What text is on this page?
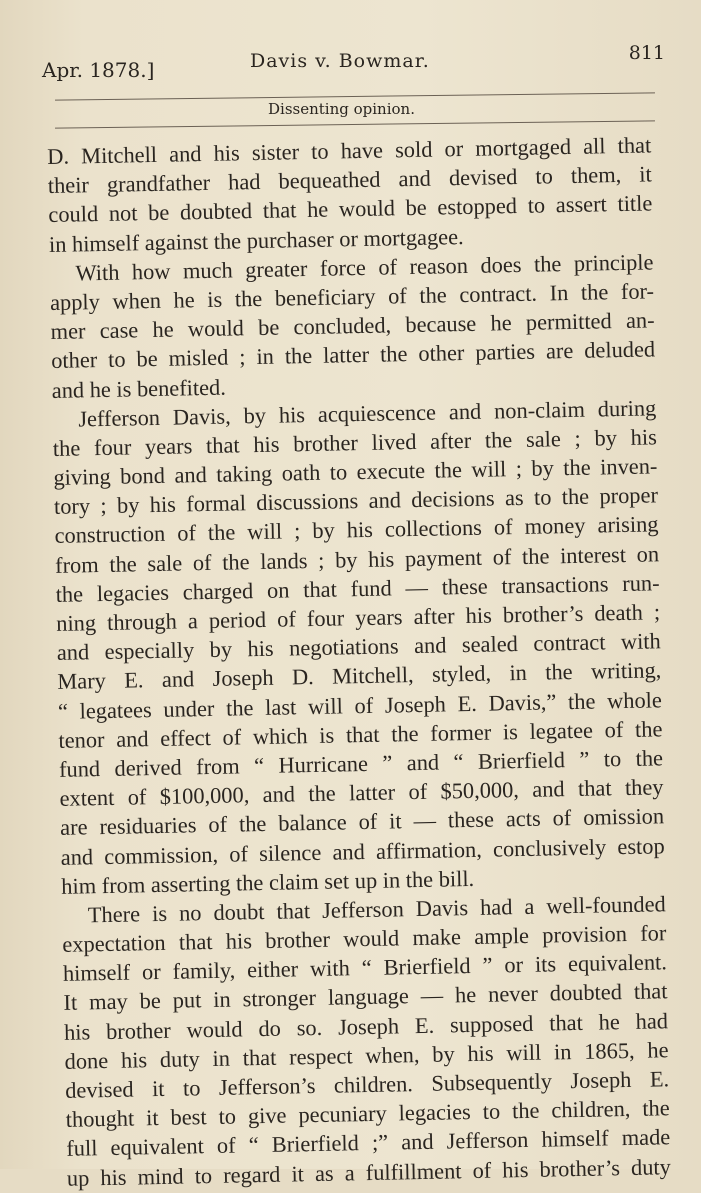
Apr. 1878.]	Davis v. Bowmar.	811
Dissenting opinion.
D. Mitchell and his sister to have sold or mortgaged all that
their grandfather had bequeathed and devised to them, it
could not be doubted that he would be estopped to assert title
in himself against the purchaser or mortgagee.
With how much greater force of reason does the principle
apply when he is the beneficiary of the contract. In the for-
mer case he would be concluded, because he permitted an-
other to be misled ; in the latter the other parties are deluded
and he is benefited.
Jefferson Davis, by his acquiescence and non-claim during
the four years that his brother lived after the sale ; by his
giving bond and taking oath to execute the will ; by the inven-
tory ; by his formal discussions and decisions as to the proper
construction of the will ; by his collections of money arising
from the sale of the lands ; by his payment of the interest on
the legacies charged on that fund — these transactions run-
ning through a period of four years after his brother’s death ;
and especially by his negotiations and sealed contract with
Mary E. and Joseph D. Mitchell, styled, in the writing,
“ legatees under the last will of Joseph E. Davis,” the whole
tenor and effect of which is that the former is legatee of the
fund derived from “ Hurricane ” and “ Brierfield ” to the
extent of $100,000, and the latter of $50,000, and that they
are residuaries of the balance of it — these acts of omission
and commission, of silence and affirmation, conclusively estop
him from asserting the claim set up in the bill.
There is no doubt that Jefferson Davis had a well-founded
expectation that his brother would make ample provision for
himself or family, either with “ Brierfield ” or its equivalent.
It may be put in stronger language — he never doubted that
his brother would do so. Joseph E. supposed that he had
done his duty in that respect when, by his will in 1865, he
devised it to Jefferson’s children. Subsequently Joseph E.
thought it best to give pecuniary legacies to the children, the
full equivalent of “ Brierfield ;” and Jefferson himself made
up his mind to regard it as a fulfillment of his brother’s duty
